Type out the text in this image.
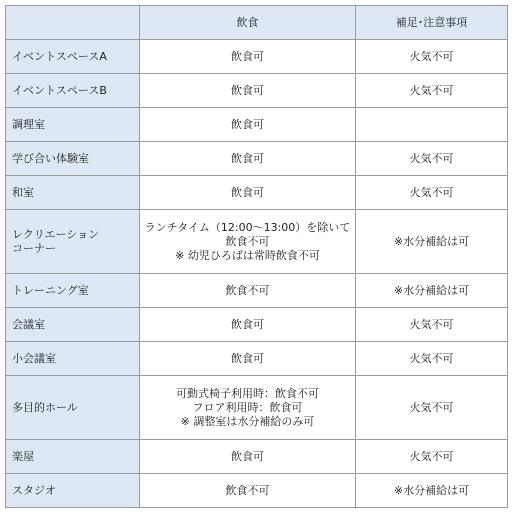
	飲食	補足･注意事項

イベントスペースA	飲食可	火気不可

イベントスペースB	飲食可	火気不可

調理室	飲食可	

学び合い体験室	飲食可	火気不可

和室	飲食可	火気不可

レクリエーション
コーナー	ランチタイム（12:00～13:00）を除いて
飲食不可
※ 幼児ひろばは常時飲食不可	※水分補給は可

トレーニング室	飲食不可	※水分補給は可

会議室	飲食可	火気不可

小会議室	飲食可	火気不可

多目的ホール	可動式椅子利用時：飲食不可
フロア利用時：飲食可
※ 調整室は水分補給のみ可	火気不可

楽屋	飲食可	火気不可

スタジオ	飲食不可	※水分補給は可
